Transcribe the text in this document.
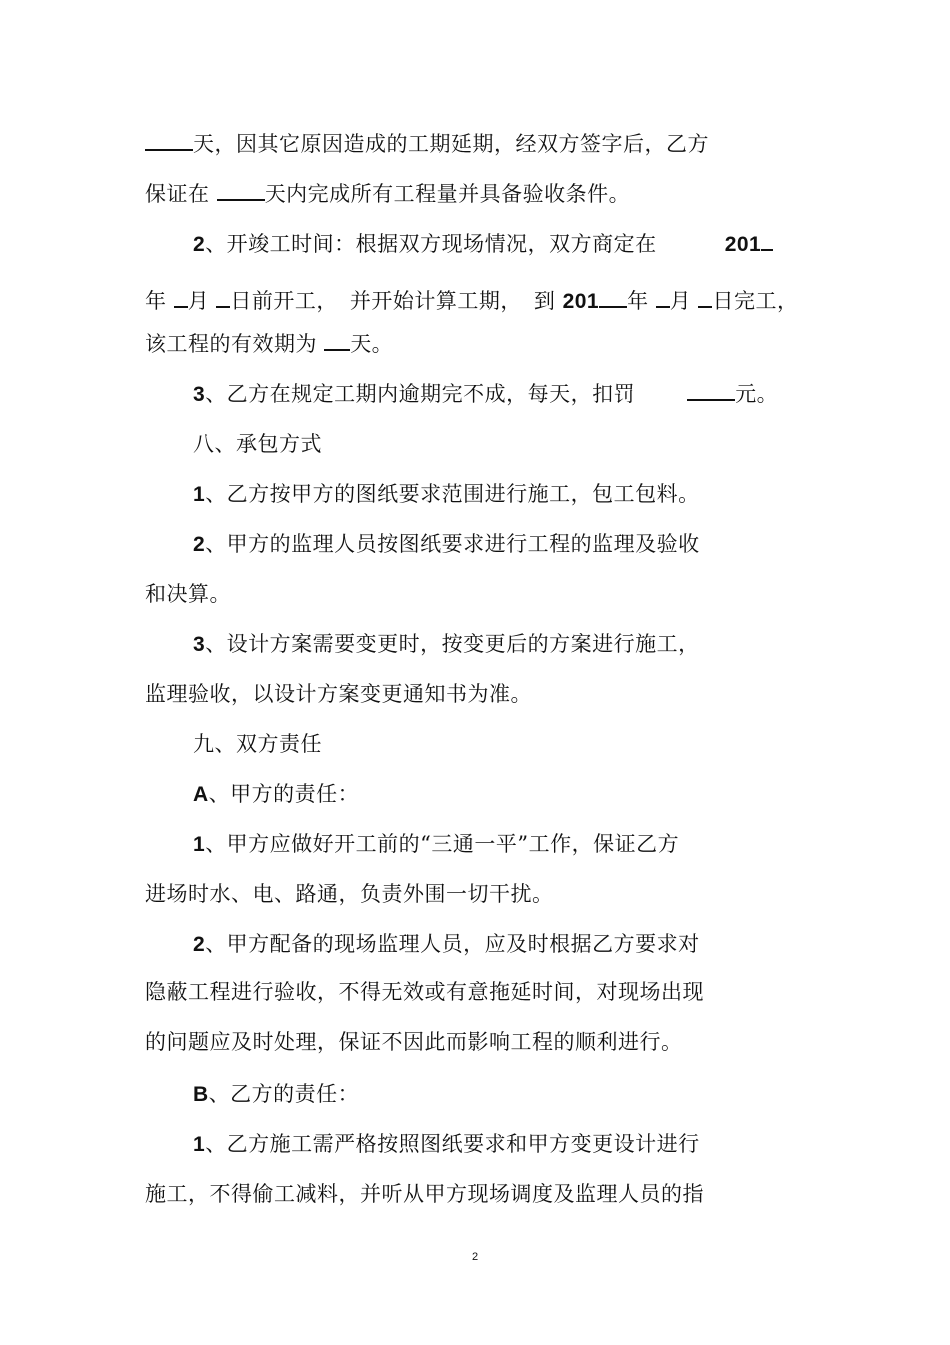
天，因其它原因造成的工期延期，经双方签字后，乙方
保证在	天内完成所有工程量并具备验收条件。
2、开竣工时间：根据双方现场情况，双方商定在	201
年 月 日前开工， 并开始计算工期， 到 201 年 月 日完工，
该工程的有效期为 天。
3、乙方在规定工期内逾期完不成，每天，扣罚	元。
八、承包方式
1、乙方按甲方的图纸要求范围进行施工，包工包料。
2、甲方的监理人员按图纸要求进行工程的监理及验收
和决算。
3、设计方案需要变更时，按变更后的方案进行施工，
监理验收，以设计方案变更通知书为准。
九、双方责任
A、甲方的责任：
1、甲方应做好开工前的“三通一平”工作，保证乙方
进场时水、电、路通，负责外围一切干扰。
2、甲方配备的现场监理人员，应及时根据乙方要求对
隐蔽工程进行验收，不得无效或有意拖延时间，对现场出现
的问题应及时处理，保证不因此而影响工程的顺利进行。
B、乙方的责任：
1、乙方施工需严格按照图纸要求和甲方变更设计进行
施工，不得偷工减料，并听从甲方现场调度及监理人员的指
2
